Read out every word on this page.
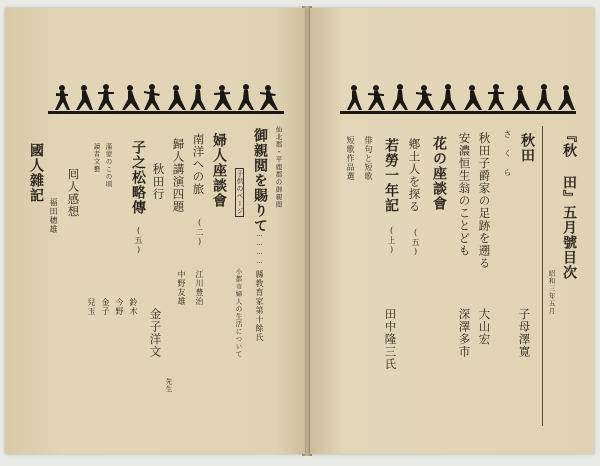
御親閲を賜りて 仙北郡・平鹿郡の御親閲
…………
縣教育家第十餘氏
子供のページ
婦人座談會
小都市婦人の生活について
南洋への旅
(二)
江川豊治
歸人講演四題
秋田行
中野友雄
子之松略傳
(五)
鈴木
今野
金子
兒玉
金子洋文
先生
滿蒙のこの頃
讀者文藝
囘人感想
福田穗雄
國人雜記	『秋 田』五月號目次
昭和三年五月
秋田
さ く ら
子母澤寛
秋田子爵家の足跡を遡る
大山宏
安濃恒生翁のことども
深澤多市
花の座談會
鄕土人を探る
(五)
若勞一年記
(上)
田中隆三氏
俳句と短歌
短歌作品選
